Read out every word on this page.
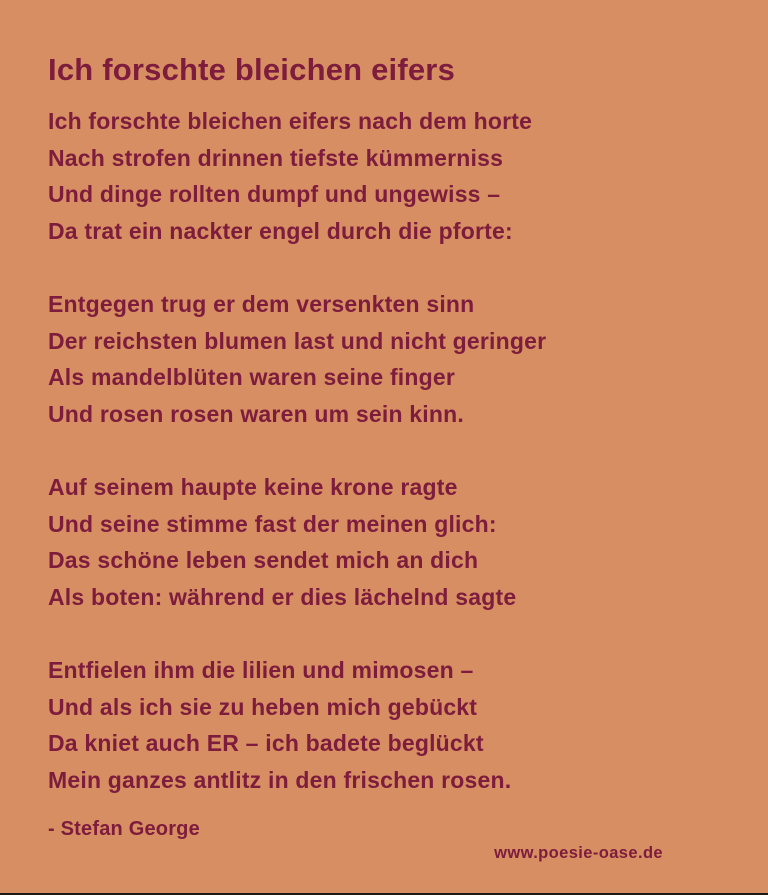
Ich forschte bleichen eifers
Ich forschte bleichen eifers nach dem horte
Nach strofen drinnen tiefste kümmerniss
Und dinge rollten dumpf und ungewiss –
Da trat ein nackter engel durch die pforte:
Entgegen trug er dem versenkten sinn
Der reichsten blumen last und nicht geringer
Als mandelblüten waren seine finger
Und rosen rosen waren um sein kinn.
Auf seinem haupte keine krone ragte
Und seine stimme fast der meinen glich:
Das schöne leben sendet mich an dich
Als boten: während er dies lächelnd sagte
Entfielen ihm die lilien und mimosen –
Und als ich sie zu heben mich gebückt
Da kniet auch ER – ich badete beglückt
Mein ganzes antlitz in den frischen rosen.
- Stefan George
www.poesie-oase.de
